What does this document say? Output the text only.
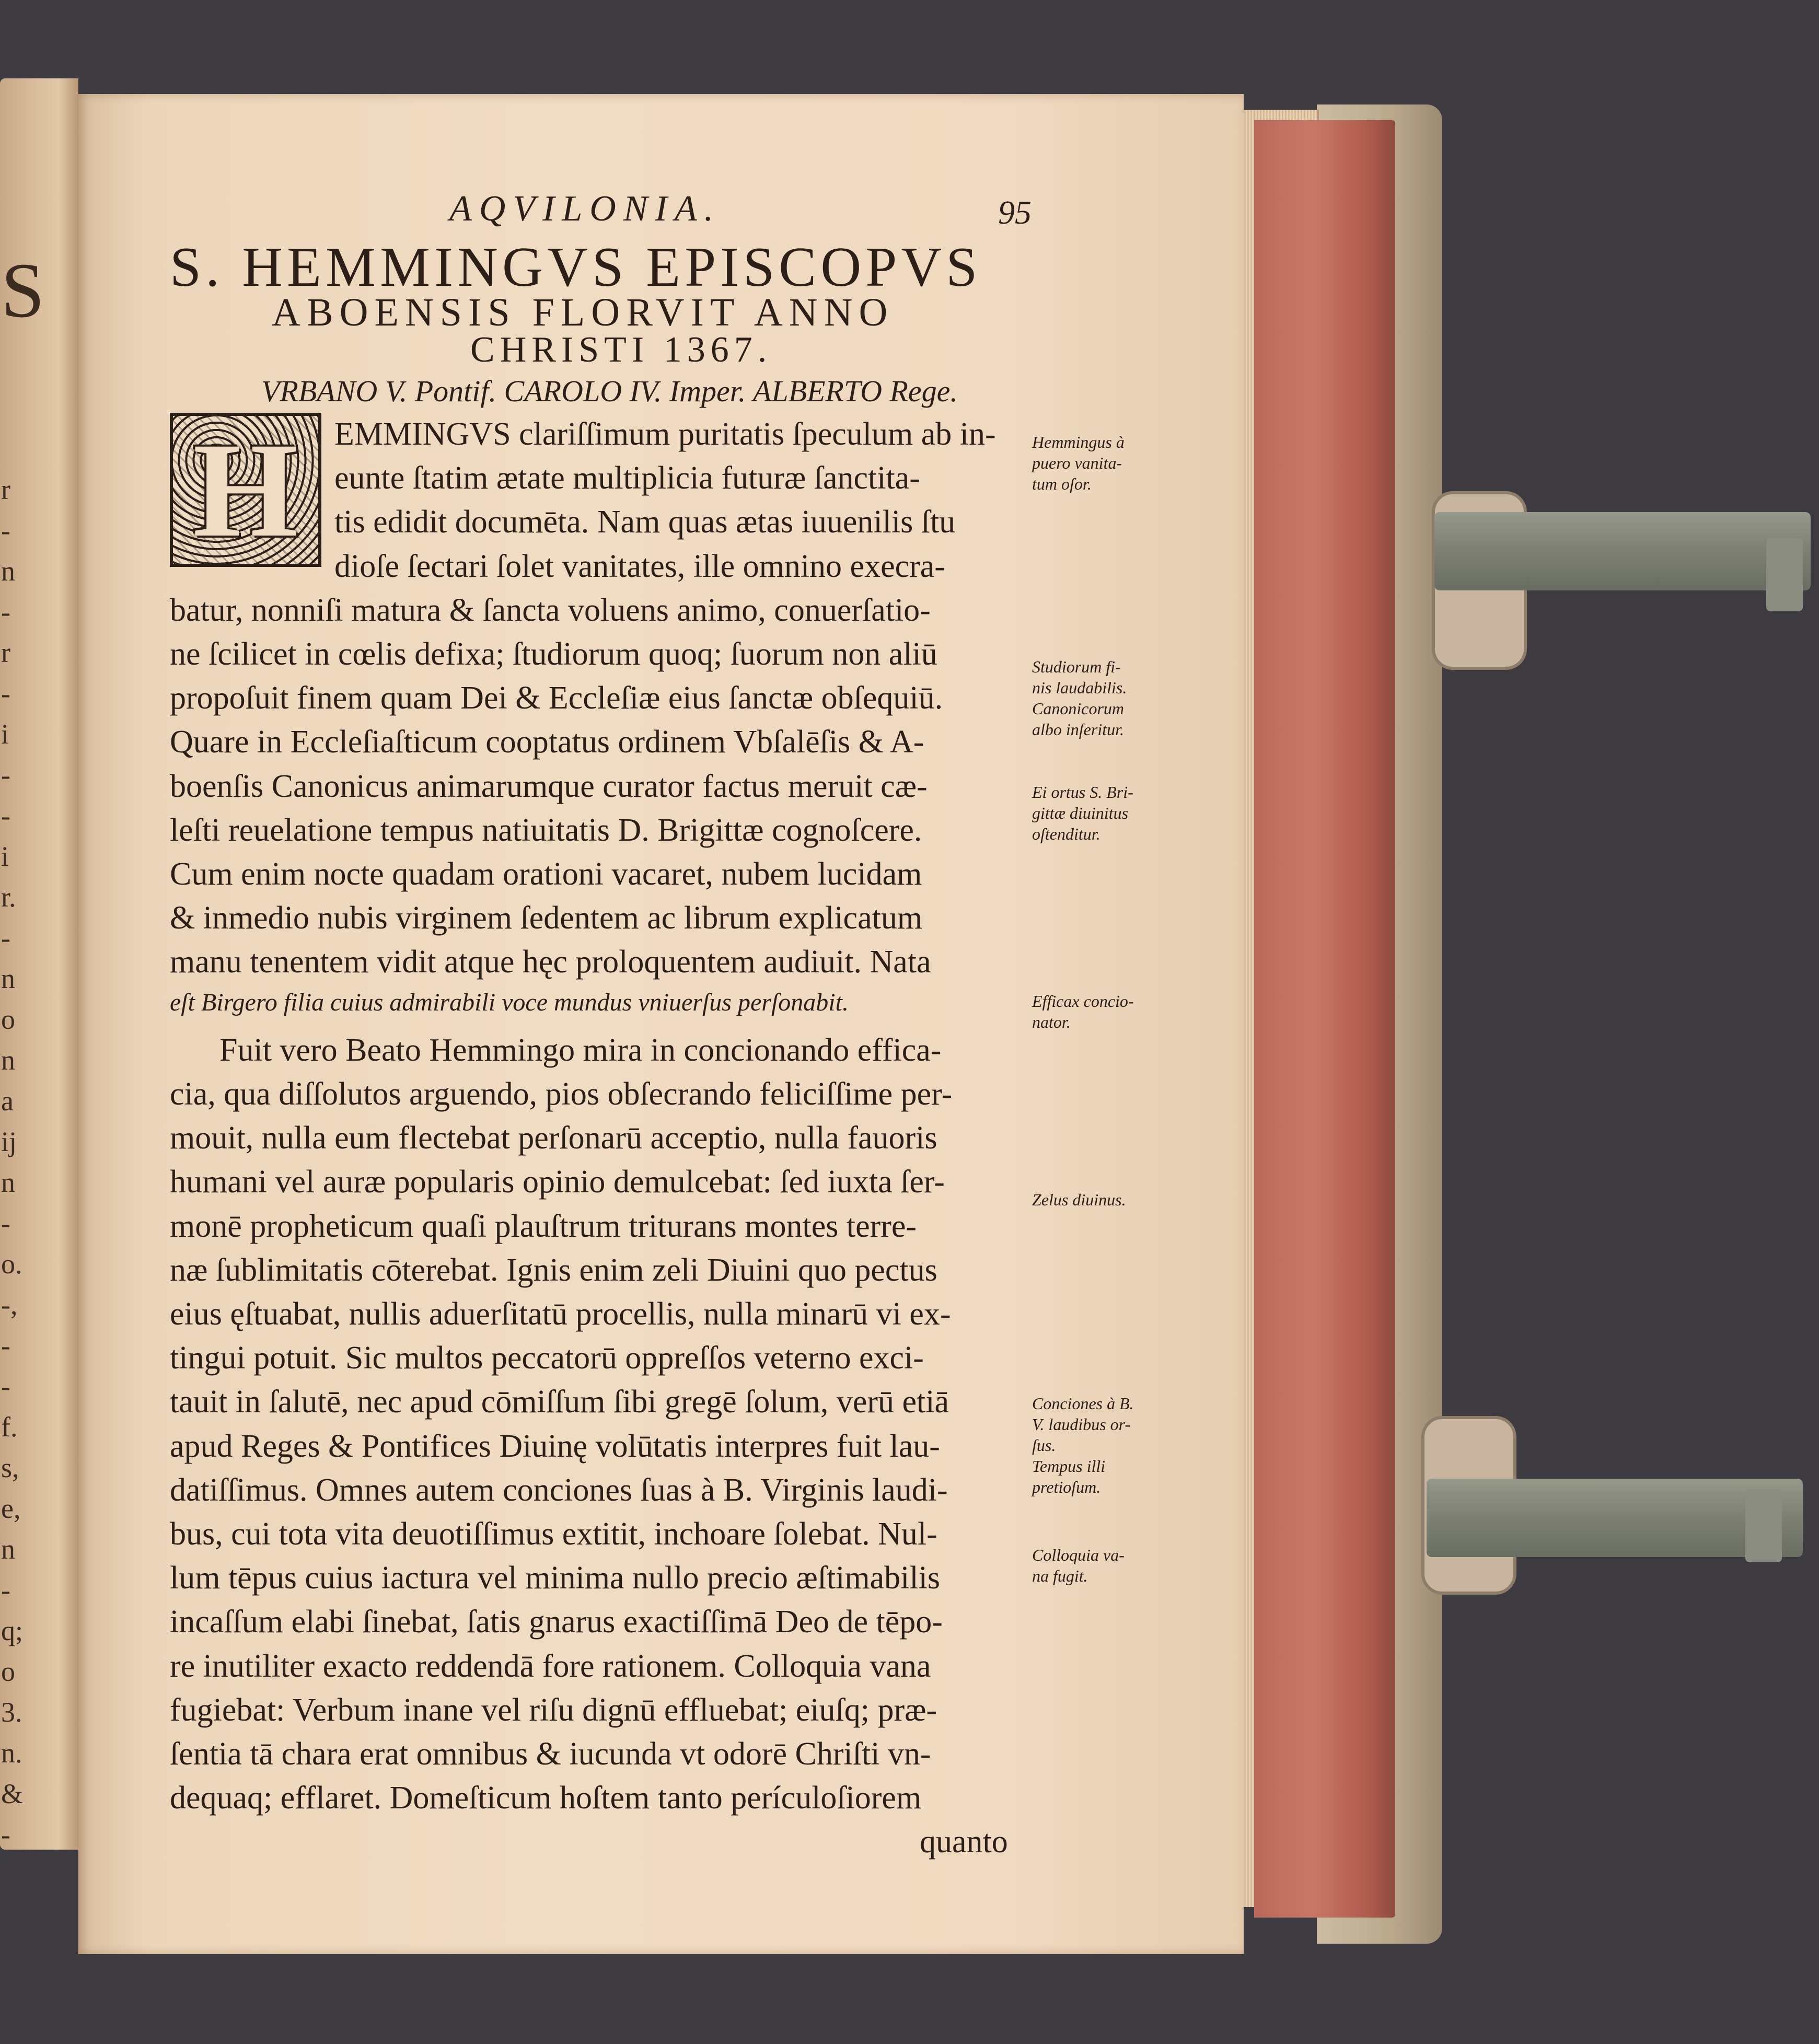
S
r
-
n
-
r
-
i
-
-
i
r.
-
n
o
n
a
ij
n
-
o.
-,
-
-
f.
s,
e,
n
-
q;
o
3.
n.
&
-
AQVILONIA.	95
S. HEMMINGVS EPISCOPVS
ABOENSIS FLORVIT ANNO
CHRISTI 1367.
VRBANO V. Pontif. CAROLO IV. Imper. ALBERTO Rege.
H	EMMINGVS clariſſimum puritatis ſpeculum ab in-
eunte ſtatim ætate multiplicia futuræ ſanctita-
tis edidit documēta. Nam quas ætas iuuenilis ſtu
dioſe ſectari ſolet vanitates, ille omnino execra-
batur, nonniſi matura & ſancta voluens animo, conuerſatio-
ne ſcilicet in cœlis defixa; ſtudiorum quoq; ſuorum non aliū
propoſuit finem quam Dei & Eccleſiæ eius ſanctæ obſequiū.
Quare in Eccleſiaſticum cooptatus ordinem Vbſalēſis & A-
boenſis Canonicus animarumque curator factus meruit cæ-
leſti reuelatione tempus natiuitatis D. Brigittæ cognoſcere.
Cum enim nocte quadam orationi vacaret, nubem lucidam
& inmedio nubis virginem ſedentem ac librum explicatum
manu tenentem vidit atque hęc proloquentem audiuit. Nata
eſt Birgero filia cuius admirabili voce mundus vniuerſus perſonabit.
Fuit vero Beato Hemmingo mira in concionando effica-
cia, qua diſſolutos arguendo, pios obſecrando feliciſſime per-
mouit, nulla eum flectebat perſonarū acceptio, nulla fauoris
humani vel auræ popularis opinio demulcebat: ſed iuxta ſer-
monē propheticum quaſi plauſtrum triturans montes terre-
næ ſublimitatis cōterebat. Ignis enim zeli Diuini quo pectus
eius ęſtuabat, nullis aduerſitatū procellis, nulla minarū vi ex-
tingui potuit. Sic multos peccatorū oppreſſos veterno exci-
tauit in ſalutē, nec apud cōmiſſum ſibi gregē ſolum, verū etiā
apud Reges & Pontifices Diuinę volūtatis interpres fuit lau-
datiſſimus. Omnes autem conciones ſuas à B. Virginis laudi-
bus, cui tota vita deuotiſſimus extitit, inchoare ſolebat. Nul-
lum tēpus cuius iactura vel minima nullo precio æſtimabilis
incaſſum elabi ſinebat, ſatis gnarus exactiſſimā Deo de tēpo-
re inutiliter exacto reddendā fore rationem. Colloquia vana
fugiebat: Verbum inane vel riſu dignū effluebat; eiuſq; præ-
ſentia tā chara erat omnibus & iucunda vt odorē Chriſti vn-
dequaq; efflaret. Domeſticum hoſtem tanto perículoſiorem
quanto
Hemmingus à
puero vanita-
tum oſor.
Studiorum fi-
nis laudabilis.
Canonicorum
albo inſeritur.
Ei ortus S. Bri-
gittæ diuinitus
oſtenditur.
Efficax concio-
nator.
Zelus diuinus.
Conciones à B.
V. laudibus or-
ſus.
Tempus illi
pretioſum.
Colloquia va-
na fugit.
